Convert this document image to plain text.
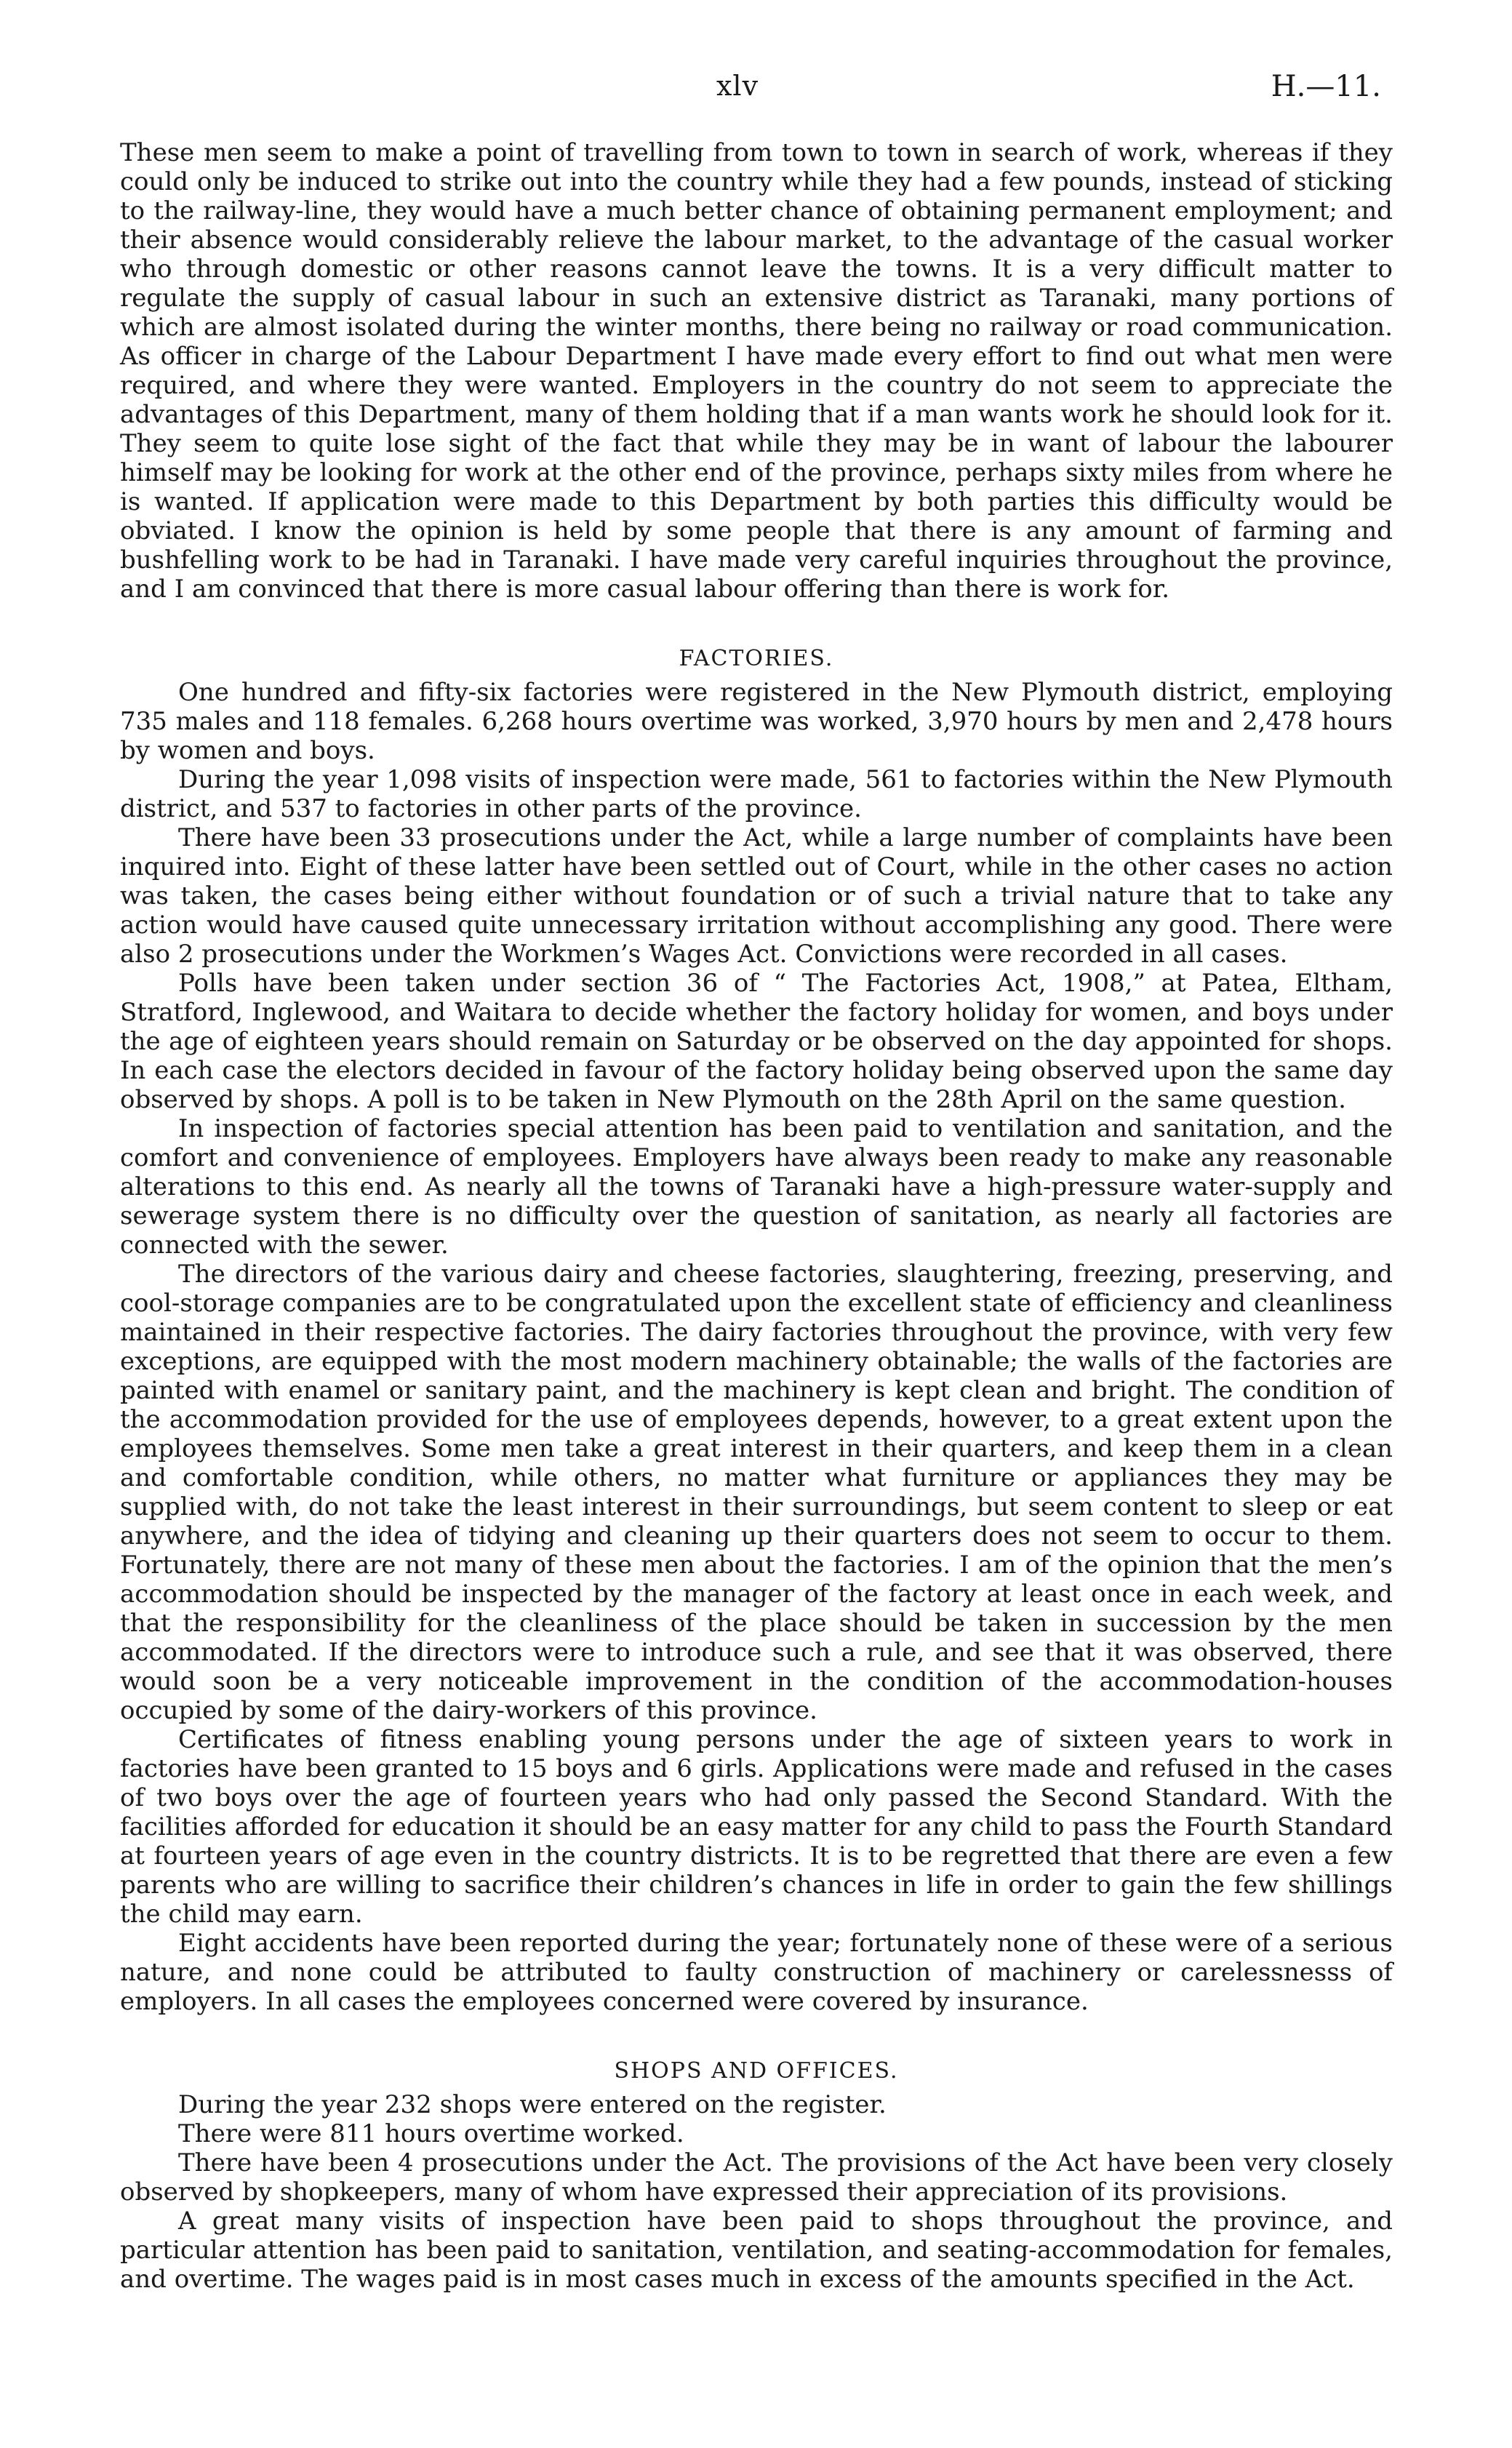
xlv	H.—11.

These men seem to make a point of travelling from town to town in search of work, whereas if they could only be induced to strike out into the country while they had a few pounds, instead of sticking to the railway-line, they would have a much better chance of obtaining permanent employment; and their absence would considerably relieve the labour market, to the advantage of the casual worker who through domestic or other reasons cannot leave the towns. It is a very difficult matter to regulate the supply of casual labour in such an extensive district as Taranaki, many portions of which are almost isolated during the winter months, there being no railway or road communication. As officer in charge of the Labour Department I have made every effort to find out what men were required, and where they were wanted. Employers in the country do not seem to appreciate the advantages of this Department, many of them holding that if a man wants work he should look for it. They seem to quite lose sight of the fact that while they may be in want of labour the labourer himself may be looking for work at the other end of the province, perhaps sixty miles from where he is wanted. If application were made to this Department by both parties this difficulty would be obviated. I know the opinion is held by some people that there is any amount of farming and bushfelling work to be had in Taranaki. I have made very careful inquiries throughout the province, and I am convinced that there is more casual labour offering than there is work for.

FACTORIES.

One hundred and fifty-six factories were registered in the New Plymouth district, employing 735 males and 118 females. 6,268 hours overtime was worked, 3,970 hours by men and 2,478 hours by women and boys.

During the year 1,098 visits of inspection were made, 561 to factories within the New Plymouth district, and 537 to factories in other parts of the province.

There have been 33 prosecutions under the Act, while a large number of complaints have been inquired into. Eight of these latter have been settled out of Court, while in the other cases no action was taken, the cases being either without foundation or of such a trivial nature that to take any action would have caused quite unnecessary irritation without accomplishing any good. There were also 2 prosecutions under the Workmen’s Wages Act. Convictions were recorded in all cases.

Polls have been taken under section 36 of “ The Factories Act, 1908,” at Patea, Eltham, Stratford, Inglewood, and Waitara to decide whether the factory holiday for women, and boys under the age of eighteen years should remain on Saturday or be observed on the day appointed for shops. In each case the electors decided in favour of the factory holiday being observed upon the same day observed by shops. A poll is to be taken in New Plymouth on the 28th April on the same question.

In inspection of factories special attention has been paid to ventilation and sanitation, and the comfort and convenience of employees. Employers have always been ready to make any reasonable alterations to this end. As nearly all the towns of Taranaki have a high-pressure water-supply and sewerage system there is no difficulty over the question of sanitation, as nearly all factories are connected with the sewer.

The directors of the various dairy and cheese factories, slaughtering, freezing, preserving, and cool-storage companies are to be congratulated upon the excellent state of efficiency and cleanliness maintained in their respective factories. The dairy factories throughout the province, with very few exceptions, are equipped with the most modern machinery obtainable; the walls of the factories are painted with enamel or sanitary paint, and the machinery is kept clean and bright. The condition of the accommodation provided for the use of employees depends, however, to a great extent upon the employees themselves. Some men take a great interest in their quarters, and keep them in a clean and comfortable condition, while others, no matter what furniture or appliances they may be supplied with, do not take the least interest in their surroundings, but seem content to sleep or eat anywhere, and the idea of tidying and cleaning up their quarters does not seem to occur to them. Fortunately, there are not many of these men about the factories. I am of the opinion that the men’s accommodation should be inspected by the manager of the factory at least once in each week, and that the responsibility for the cleanliness of the place should be taken in succession by the men accommodated. If the directors were to introduce such a rule, and see that it was observed, there would soon be a very noticeable improvement in the condition of the accommodation-houses occupied by some of the dairy-workers of this province.

Certificates of fitness enabling young persons under the age of sixteen years to work in factories have been granted to 15 boys and 6 girls. Applications were made and refused in the cases of two boys over the age of fourteen years who had only passed the Second Standard. With the facilities afforded for education it should be an easy matter for any child to pass the Fourth Standard at fourteen years of age even in the country districts. It is to be regretted that there are even a few parents who are willing to sacrifice their children’s chances in life in order to gain the few shillings the child may earn.

Eight accidents have been reported during the year; fortunately none of these were of a serious nature, and none could be attributed to faulty construction of machinery or carelessnesss of employers. In all cases the employees concerned were covered by insurance.

SHOPS AND OFFICES.

During the year 232 shops were entered on the register.

There were 811 hours overtime worked.

There have been 4 prosecutions under the Act. The provisions of the Act have been very closely observed by shopkeepers, many of whom have expressed their appreciation of its provisions.

A great many visits of inspection have been paid to shops throughout the province, and particular attention has been paid to sanitation, ventilation, and seating-accommodation for females, and overtime. The wages paid is in most cases much in excess of the amounts specified in the Act.
